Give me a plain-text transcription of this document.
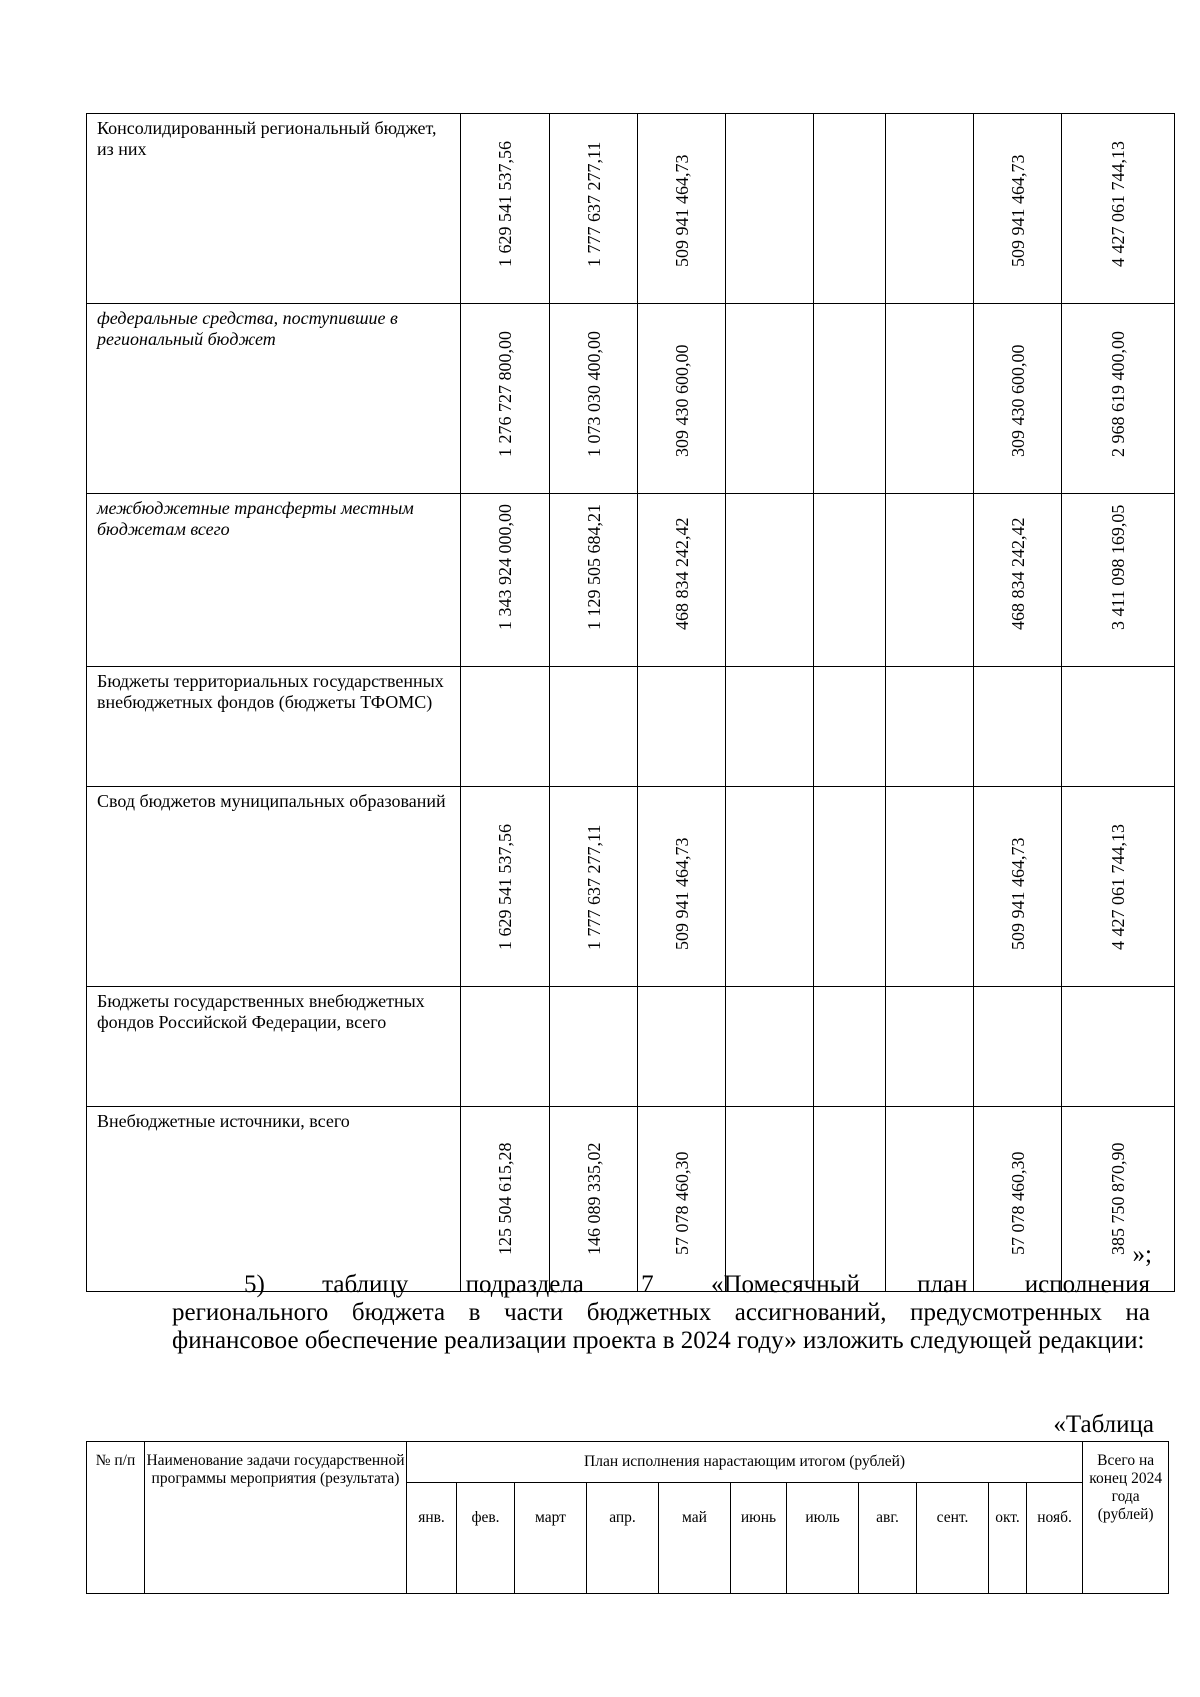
Консолидированный региональный бюджет, из них	1 629 541 537,56	1 777 637 277,11	509 941 464,73				509 941 464,73	4 427 061 744,13

федеральные средства, поступившие в региональный бюджет	1 276 727 800,00	1 073 030 400,00	309 430 600,00				309 430 600,00	2 968 619 400,00

межбюджетные трансферты местным бюджетам всего	1 343 924 000,00	1 129 505 684,21	468 834 242,42				468 834 242,42	3 411 098 169,05

Бюджеты территориальных государственных внебюджетных фондов (бюджеты ТФОМС)	

Свод бюджетов муниципальных образований	1 629 541 537,56	1 777 637 277,11	509 941 464,73				509 941 464,73	4 427 061 744,13

Бюджеты государственных внебюджетных фондов Российской Федерации, всего	

Внебюджетные источники, всего	125 504 615,28	146 089 335,02	57 078 460,30				57 078 460,30	385 750 870,90 »;
5) таблицу подраздела 7 «Помесячный план исполнения
регионального бюджета в части бюджетных ассигнований, предусмотренных на финансовое обеспечение реализации проекта в 2024 году» изложить следующей редакции:
«Таблица
№ п/п	Наименование задачи государственной программы мероприятия (результата)	План исполнения нарастающим итогом (рублей)											Всего на конец 2024 года (рублей)
		янв.	фев.	март	апр.	май	июнь	июль	авг.	сент.	окт.	нояб.	
